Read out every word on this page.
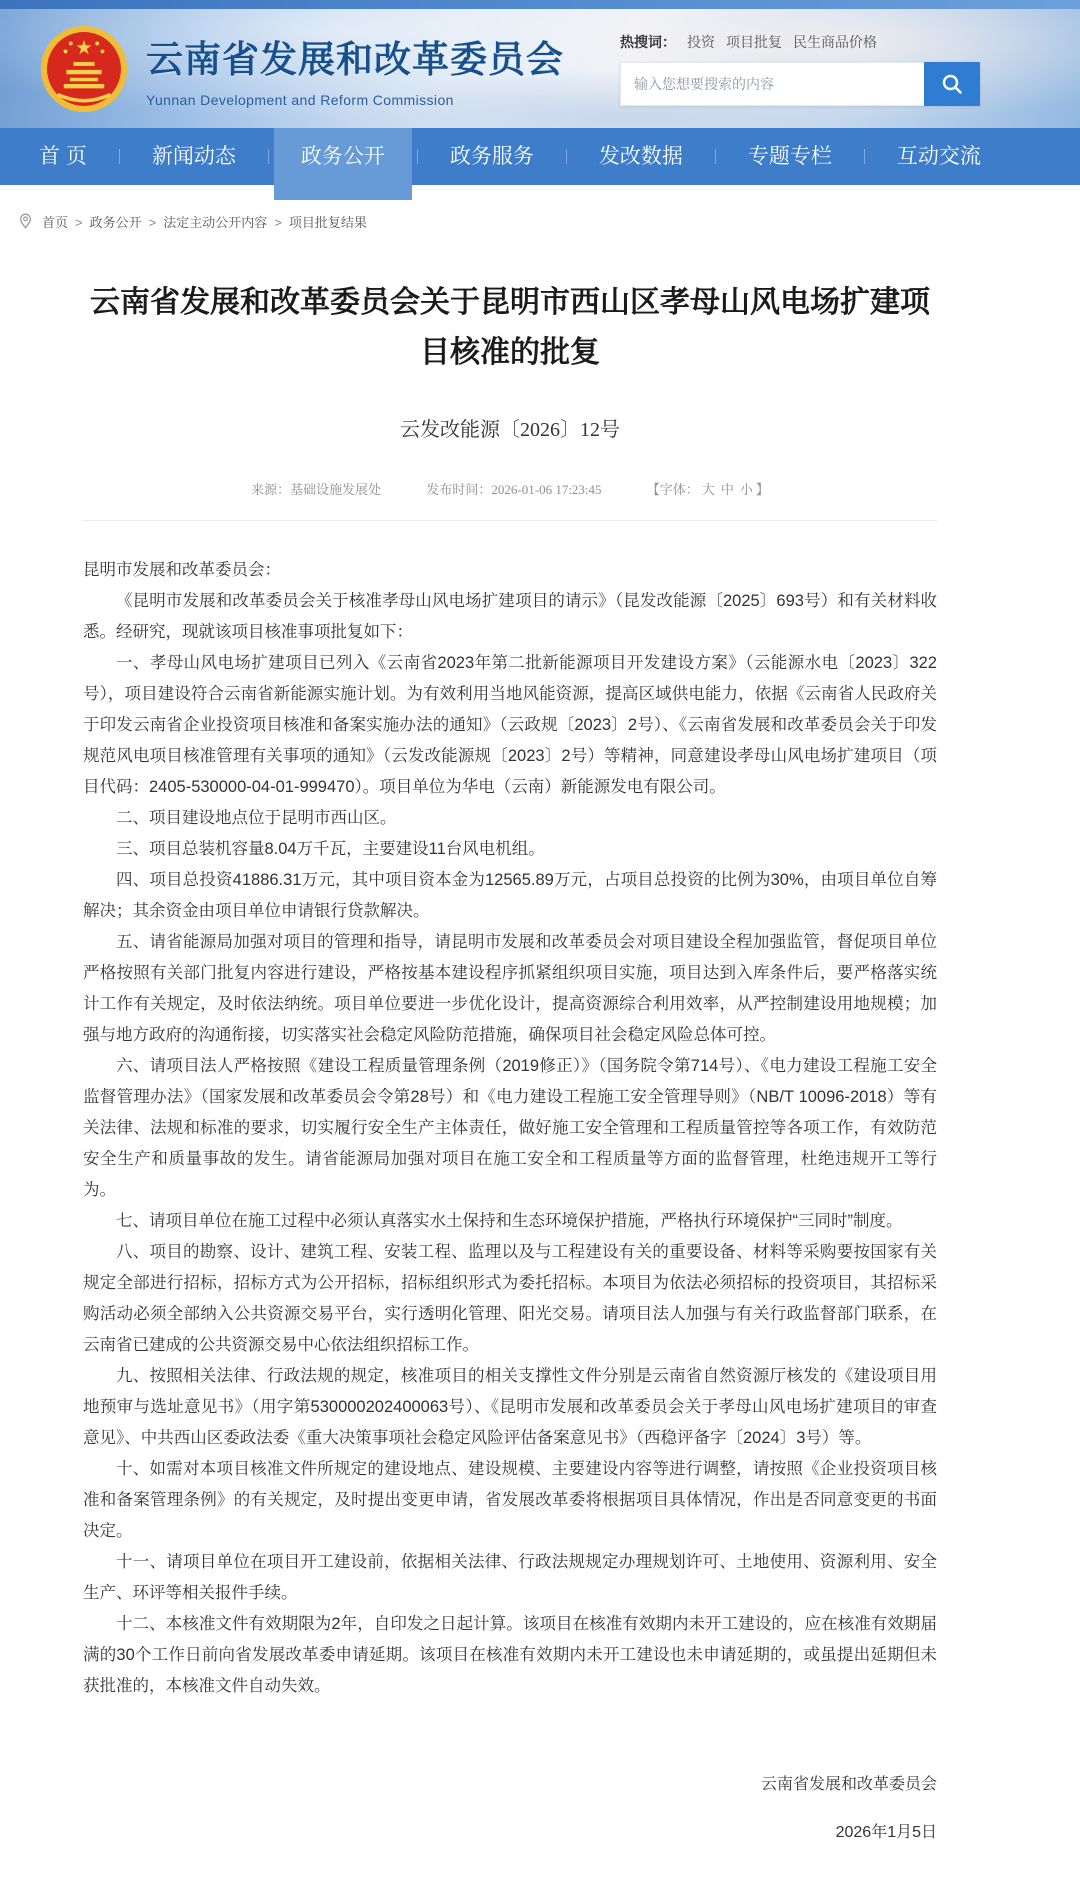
云南省发展和改革委员会
Yunnan Development and Reform Commission
热搜词： 投资 项目批复 民生商品价格
输入您想要搜索的内容
首 页	新闻动态	政务公开	政务服务	发改数据	专题专栏	互动交流
首页 > 政务公开 > 法定主动公开内容 > 项目批复结果
云南省发展和改革委员会关于昆明市西山区孝母山风电场扩建项目核准的批复
云发改能源〔2026〕12号
来源：基础设施发展处	发布时间：2026-01-06 17:23:45	【字体： 大 中 小 】

昆明市发展和改革委员会：

《昆明市发展和改革委员会关于核准孝母山风电场扩建项目的请示》（昆发改能源〔2025〕693号）和有关材料收悉。经研究，现就该项目核准事项批复如下：

一、孝母山风电场扩建项目已列入《云南省2023年第二批新能源项目开发建设方案》（云能源水电〔2023〕322号），项目建设符合云南省新能源实施计划。为有效利用当地风能资源，提高区域供电能力，依据《云南省人民政府关于印发云南省企业投资项目核准和备案实施办法的通知》（云政规〔2023〕2号）、《云南省发展和改革委员会关于印发规范风电项目核准管理有关事项的通知》（云发改能源规〔2023〕2号）等精神，同意建设孝母山风电场扩建项目（项目代码：2405-530000-04-01-999470）。项目单位为华电（云南）新能源发电有限公司。

二、项目建设地点位于昆明市西山区。

三、项目总装机容量8.04万千瓦，主要建设11台风电机组。

四、项目总投资41886.31万元，其中项目资本金为12565.89万元，占项目总投资的比例为30%，由项目单位自筹解决；其余资金由项目单位申请银行贷款解决。

五、请省能源局加强对项目的管理和指导，请昆明市发展和改革委员会对项目建设全程加强监管，督促项目单位严格按照有关部门批复内容进行建设，严格按基本建设程序抓紧组织项目实施，项目达到入库条件后，要严格落实统计工作有关规定，及时依法纳统。项目单位要进一步优化设计，提高资源综合利用效率，从严控制建设用地规模；加强与地方政府的沟通衔接，切实落实社会稳定风险防范措施，确保项目社会稳定风险总体可控。

六、请项目法人严格按照《建设工程质量管理条例（2019修正）》（国务院令第714号）、《电力建设工程施工安全监督管理办法》（国家发展和改革委员会令第28号）和《电力建设工程施工安全管理导则》（NB/T 10096-2018）等有关法律、法规和标准的要求，切实履行安全生产主体责任，做好施工安全管理和工程质量管控等各项工作，有效防范安全生产和质量事故的发生。请省能源局加强对项目在施工安全和工程质量等方面的监督管理，杜绝违规开工等行为。

七、请项目单位在施工过程中必须认真落实水土保持和生态环境保护措施，严格执行环境保护“三同时”制度。

八、项目的勘察、设计、建筑工程、安装工程、监理以及与工程建设有关的重要设备、材料等采购要按国家有关规定全部进行招标，招标方式为公开招标，招标组织形式为委托招标。本项目为依法必须招标的投资项目，其招标采购活动必须全部纳入公共资源交易平台，实行透明化管理、阳光交易。请项目法人加强与有关行政监督部门联系，在云南省已建成的公共资源交易中心依法组织招标工作。

九、按照相关法律、行政法规的规定，核准项目的相关支撑性文件分别是云南省自然资源厅核发的《建设项目用地预审与选址意见书》（用字第530000202400063号）、《昆明市发展和改革委员会关于孝母山风电场扩建项目的审查意见》、中共西山区委政法委《重大决策事项社会稳定风险评估备案意见书》（西稳评备字〔2024〕3号）等。

十、如需对本项目核准文件所规定的建设地点、建设规模、主要建设内容等进行调整，请按照《企业投资项目核准和备案管理条例》的有关规定，及时提出变更申请，省发展改革委将根据项目具体情况，作出是否同意变更的书面决定。

十一、请项目单位在项目开工建设前，依据相关法律、行政法规规定办理规划许可、土地使用、资源利用、安全生产、环评等相关报件手续。

十二、本核准文件有效期限为2年，自印发之日起计算。该项目在核准有效期内未开工建设的，应在核准有效期届满的30个工作日前向省发展改革委申请延期。该项目在核准有效期内未开工建设也未申请延期的，或虽提出延期但未获批准的，本核准文件自动失效。

云南省发展和改革委员会
2026年1月5日
